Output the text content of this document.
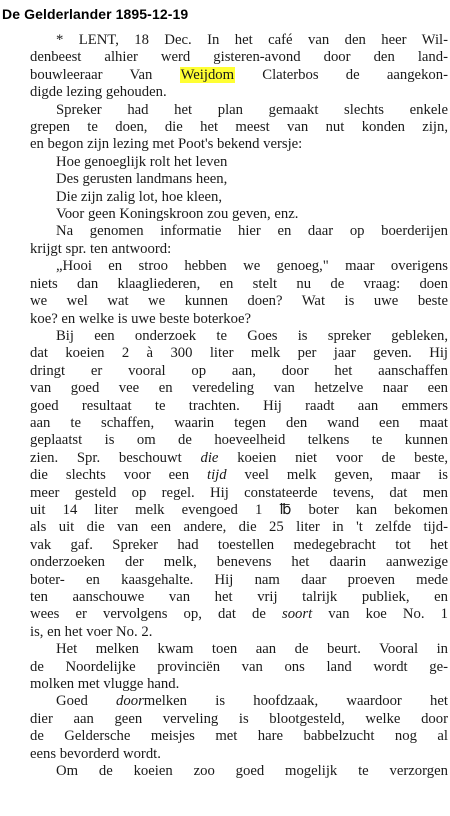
De Gelderlander 1895-12-19
* LENT, 18 Dec. In het café van den heer Wil-
denbeest alhier werd gisteren-avond door den land-
bouwleeraar Van Weijdom Claterbos de aangekon-
digde lezing gehouden.
Spreker had het plan gemaakt slechts enkele
grepen te doen, die het meest van nut konden zijn,
en begon zijn lezing met Poot's bekend versje:
Hoe genoeglijk rolt het leven
Des gerusten landmans heen,
Die zijn zalig lot, hoe kleen,
Voor geen Koningskroon zou geven, enz.
Na genomen informatie hier en daar op boerderijen
krijgt spr. ten antwoord:
„Hooi en stroo hebben we genoeg," maar overigens
niets dan klaagliederen, en stelt nu de vraag: doen
we wel wat we kunnen doen? Wat is uwe beste
koe? en welke is uwe beste boterkoe?
Bij een onderzoek te Goes is spreker gebleken,
dat koeien 2 à 300 liter melk per jaar geven. Hij
dringt er vooral op aan, door het aanschaffen
van goed vee en veredeling van hetzelve naar een
goed resultaat te trachten. Hij raadt aan emmers
aan te schaffen, waarin tegen den wand een maat
geplaatst is om de hoeveelheid telkens te kunnen
zien. Spr. beschouwt die koeien niet voor de beste,
die slechts voor een tijd veel melk geven, maar is
meer gesteld op regel. Hij constateerde tevens, dat men
uit 14 liter melk evengoed 1 ℔ boter kan bekomen
als uit die van een andere, die 25 liter in 't zelfde tijd-
vak gaf. Spreker had toestellen medegebracht tot het
onderzoeken der melk, benevens het daarin aanwezige
boter- en kaasgehalte. Hij nam daar proeven mede
ten aanschouwe van het vrij talrijk publiek, en
wees er vervolgens op, dat de soort van koe No. 1
is, en het voer No. 2.
Het melken kwam toen aan de beurt. Vooral in
de Noordelijke provinciën van ons land wordt ge-
molken met vlugge hand.
Goed doormelken is hoofdzaak, waardoor het
dier aan geen verveling is blootgesteld, welke door
de Geldersche meisjes met hare babbelzucht nog al
eens bevorderd wordt.
Om de koeien zoo goed mogelijk te verzorgen
